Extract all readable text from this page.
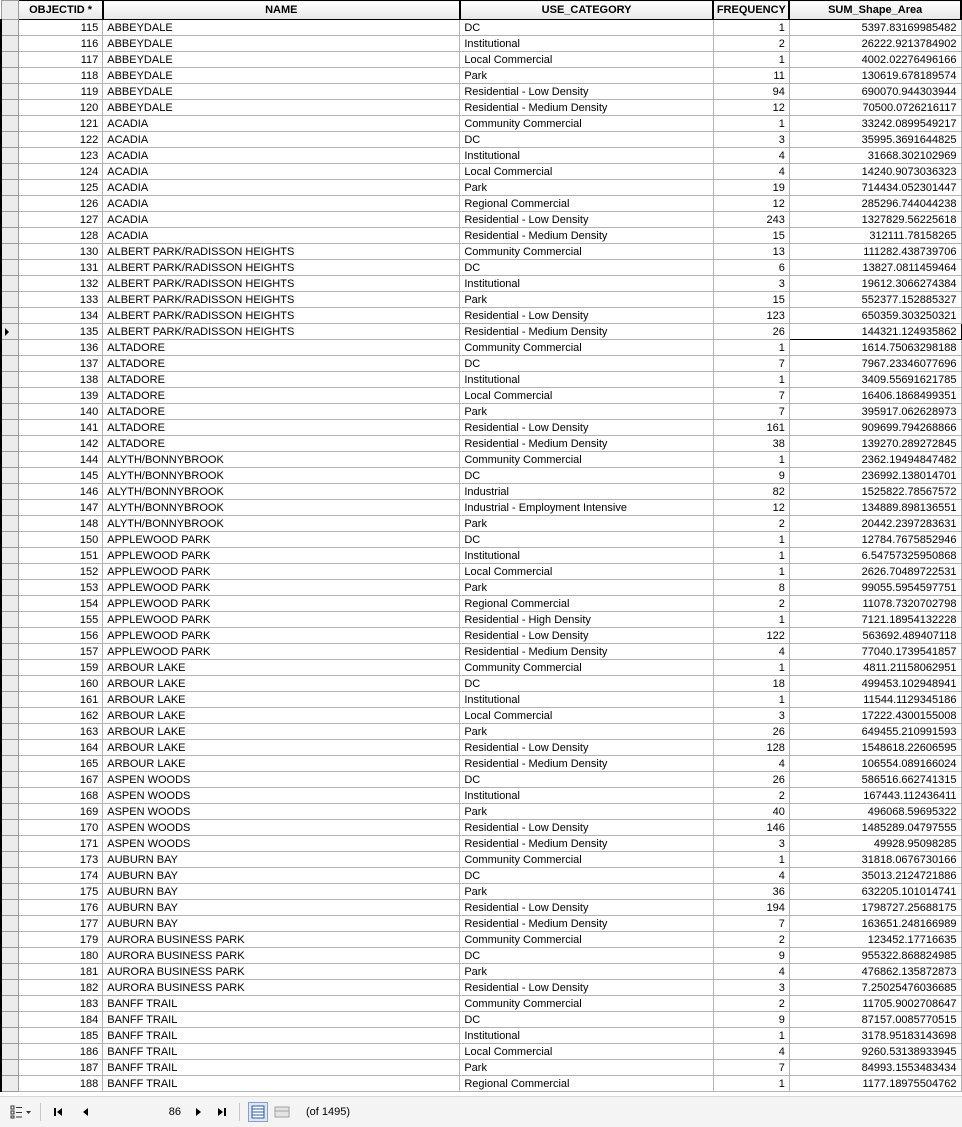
	OBJECTID *	NAME	USE_CATEGORY	FREQUENCY	SUM_Shape_Area
	115	ABBEYDALE	DC	1	5397.83169985482
	116	ABBEYDALE	Institutional	2	26222.9213784902
	117	ABBEYDALE	Local Commercial	1	4002.02276496166
	118	ABBEYDALE	Park	11	130619.678189574
	119	ABBEYDALE	Residential - Low Density	94	690070.944303944
	120	ABBEYDALE	Residential - Medium Density	12	70500.0726216117
	121	ACADIA	Community Commercial	1	33242.0899549217
	122	ACADIA	DC	3	35995.3691644825
	123	ACADIA	Institutional	4	31668.302102969
	124	ACADIA	Local Commercial	4	14240.9073036323
	125	ACADIA	Park	19	714434.052301447
	126	ACADIA	Regional Commercial	12	285296.744044238
	127	ACADIA	Residential - Low Density	243	1327829.56225618
	128	ACADIA	Residential - Medium Density	15	312111.78158265
	130	ALBERT PARK/RADISSON HEIGHTS	Community Commercial	13	111282.438739706
	131	ALBERT PARK/RADISSON HEIGHTS	DC	6	13827.0811459464
	132	ALBERT PARK/RADISSON HEIGHTS	Institutional	3	19612.3066274384
	133	ALBERT PARK/RADISSON HEIGHTS	Park	15	552377.152885327
	134	ALBERT PARK/RADISSON HEIGHTS	Residential - Low Density	123	650359.303250321

	135	ALBERT PARK/RADISSON HEIGHTS	Residential - Medium Density	26	144321.124935862
	136	ALTADORE	Community Commercial	1	1614.75063298188
	137	ALTADORE	DC	7	7967.23346077696
	138	ALTADORE	Institutional	1	3409.55691621785
	139	ALTADORE	Local Commercial	7	16406.1868499351
	140	ALTADORE	Park	7	395917.062628973
	141	ALTADORE	Residential - Low Density	161	909699.794268866
	142	ALTADORE	Residential - Medium Density	38	139270.289272845
	144	ALYTH/BONNYBROOK	Community Commercial	1	2362.19494847482
	145	ALYTH/BONNYBROOK	DC	9	236992.138014701
	146	ALYTH/BONNYBROOK	Industrial	82	1525822.78567572
	147	ALYTH/BONNYBROOK	Industrial - Employment Intensive	12	134889.898136551
	148	ALYTH/BONNYBROOK	Park	2	20442.2397283631
	150	APPLEWOOD PARK	DC	1	12784.7675852946
	151	APPLEWOOD PARK	Institutional	1	6.54757325950868
	152	APPLEWOOD PARK	Local Commercial	1	2626.70489722531
	153	APPLEWOOD PARK	Park	8	99055.5954597751
	154	APPLEWOOD PARK	Regional Commercial	2	11078.7320702798
	155	APPLEWOOD PARK	Residential - High Density	1	7121.18954132228
	156	APPLEWOOD PARK	Residential - Low Density	122	563692.489407118
	157	APPLEWOOD PARK	Residential - Medium Density	4	77040.1739541857
	159	ARBOUR LAKE	Community Commercial	1	4811.21158062951
	160	ARBOUR LAKE	DC	18	499453.102948941
	161	ARBOUR LAKE	Institutional	1	11544.1129345186
	162	ARBOUR LAKE	Local Commercial	3	17222.4300155008
	163	ARBOUR LAKE	Park	26	649455.210991593
	164	ARBOUR LAKE	Residential - Low Density	128	1548618.22606595
	165	ARBOUR LAKE	Residential - Medium Density	4	106554.089166024
	167	ASPEN WOODS	DC	26	586516.662741315
	168	ASPEN WOODS	Institutional	2	167443.112436411
	169	ASPEN WOODS	Park	40	496068.59695322
	170	ASPEN WOODS	Residential - Low Density	146	1485289.04797555
	171	ASPEN WOODS	Residential - Medium Density	3	49928.95098285
	173	AUBURN BAY	Community Commercial	1	31818.0676730166
	174	AUBURN BAY	DC	4	35013.2124721886
	175	AUBURN BAY	Park	36	632205.101014741
	176	AUBURN BAY	Residential - Low Density	194	1798727.25688175
	177	AUBURN BAY	Residential - Medium Density	7	163651.248166989
	179	AURORA BUSINESS PARK	Community Commercial	2	123452.17716635
	180	AURORA BUSINESS PARK	DC	9	955322.868824985
	181	AURORA BUSINESS PARK	Park	4	476862.135872873
	182	AURORA BUSINESS PARK	Residential - Low Density	3	7.25025476036685
	183	BANFF TRAIL	Community Commercial	2	11705.9002708647
	184	BANFF TRAIL	DC	9	87157.0085770515
	185	BANFF TRAIL	Institutional	1	3178.95183143698
	186	BANFF TRAIL	Local Commercial	4	9260.53138933945
	187	BANFF TRAIL	Park	7	84993.1553483434
	188	BANFF TRAIL	Regional Commercial	1	1177.18975504762
86
(of 1495)
